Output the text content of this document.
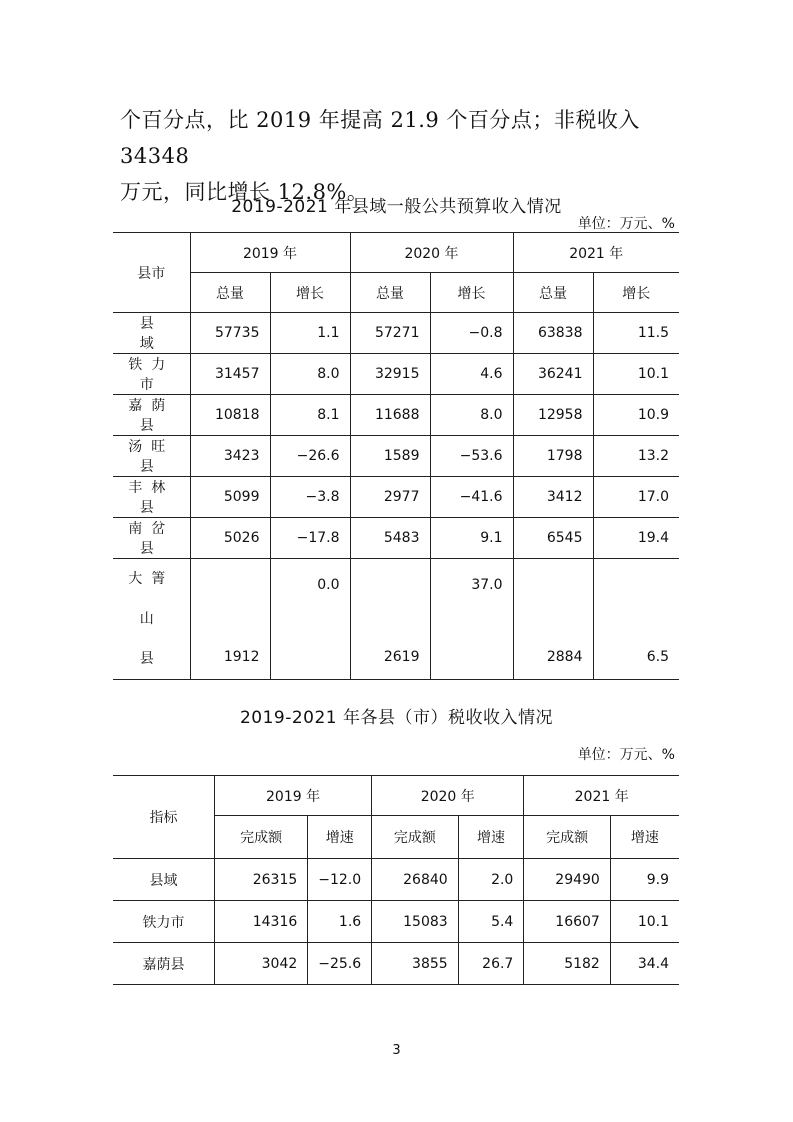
个百分点，比 2019 年提高 21.9 个百分点；非税收入 34348
万元，同比增长 12.8%。
2019-2021 年县域一般公共预算收入情况
单位：万元、%
县市	2019 年		2020 年		2021 年	
	总量	增长	总量	增长	总量	增长
县 域	57735	1.1	57271	−0.8	63838	11.5
铁力市	31457	8.0	32915	4.6	36241	10.1
嘉荫县	10818	8.1	11688	8.0	12958	10.9
汤旺县	3423	−26.6	1589	−53.6	1798	13.2
丰林县	5099	−3.8	2977	−41.6	3412	17.0
南岔县	5026	−17.8	5483	9.1	6545	19.4

大箐山
县	1912	0.0	2619	37.0	2884	6.5
2019-2021 年各县（市）税收收入情况
单位：万元、%
指标	2019 年		2020 年		2021 年	
	完成额	增速	完成额	增速	完成额	增速
县域	26315	−12.0	26840	2.0	29490	9.9
铁力市	14316	1.6	15083	5.4	16607	10.1
嘉荫县	3042	−25.6	3855	26.7	5182	34.4
3
